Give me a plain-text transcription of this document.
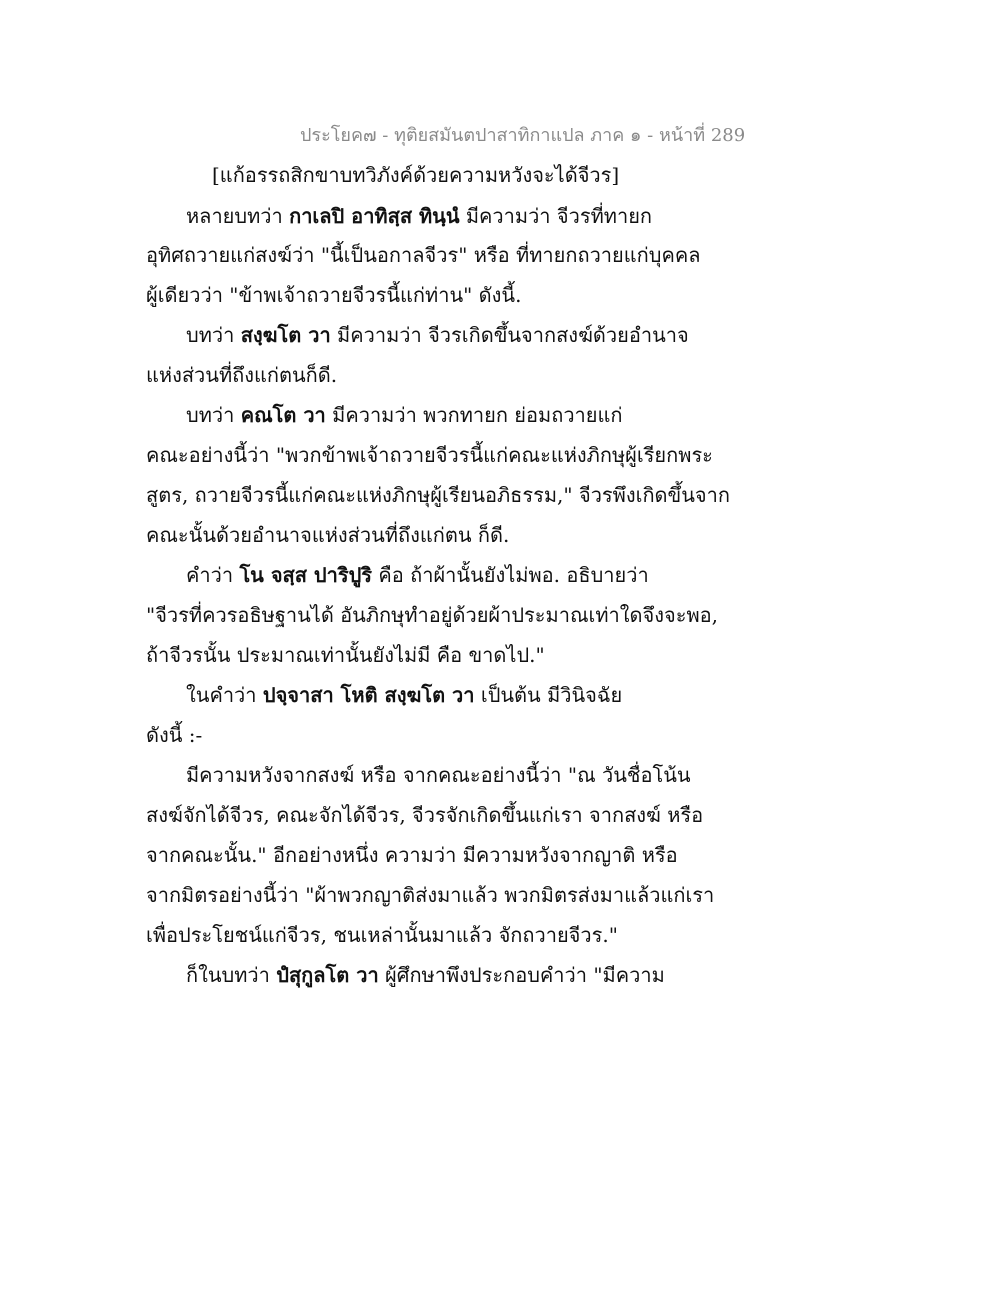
ประโยค๗ - ทุติยสมันตปาสาทิกาแปล ภาค ๑ - หน้าที่ 289
[แก้อรรถสิกขาบทวิภังค์ด้วยความหวังจะได้จีวร]
หลายบทว่า กาเลปิ อาทิสฺส ทินฺนํ มีความว่า จีวรที่ทายก
อุทิศถวายแก่สงฆ์ว่า "นี้เป็นอกาลจีวร" หรือ ที่ทายกถวายแก่บุคคล
ผู้เดียวว่า "ข้าพเจ้าถวายจีวรนี้แก่ท่าน" ดังนี้.
บทว่า สงฺฆโต วา มีความว่า จีวรเกิดขึ้นจากสงฆ์ด้วยอำนาจ
แห่งส่วนที่ถึงแก่ตนก็ดี.
บทว่า คณโต วา มีความว่า พวกทายก ย่อมถวายแก่
คณะอย่างนี้ว่า "พวกข้าพเจ้าถวายจีวรนี้แก่คณะแห่งภิกษุผู้เรียกพระ
สูตร, ถวายจีวรนี้แก่คณะแห่งภิกษุผู้เรียนอภิธรรม," จีวรพึงเกิดขึ้นจาก
คณะนั้นด้วยอำนาจแห่งส่วนที่ถึงแก่ตน ก็ดี.
คำว่า โน จสฺส ปาริปูริ คือ ถ้าผ้านั้นยังไม่พอ. อธิบายว่า
"จีวรที่ควรอธิษฐานได้ อันภิกษุทำอยู่ด้วยผ้าประมาณเท่าใดจึงจะพอ,
ถ้าจีวรนั้น ประมาณเท่านั้นยังไม่มี คือ ขาดไป."
ในคำว่า ปจฺจาสา โหติ สงฺฆโต วา เป็นต้น มีวินิจฉัย
ดังนี้ :-
มีความหวังจากสงฆ์ หรือ จากคณะอย่างนี้ว่า "ณ วันชื่อโน้น
สงฆ์จักได้จีวร, คณะจักได้จีวร, จีวรจักเกิดขึ้นแก่เรา จากสงฆ์ หรือ
จากคณะนั้น." อีกอย่างหนึ่ง ความว่า มีความหวังจากญาติ หรือ
จากมิตรอย่างนี้ว่า "ผ้าพวกญาติส่งมาแล้ว พวกมิตรส่งมาแล้วแก่เรา
เพื่อประโยชน์แก่จีวร, ชนเหล่านั้นมาแล้ว จักถวายจีวร."
ก็ในบทว่า ปํสุกูลโต วา ผู้ศึกษาพึงประกอบคำว่า "มีความ
